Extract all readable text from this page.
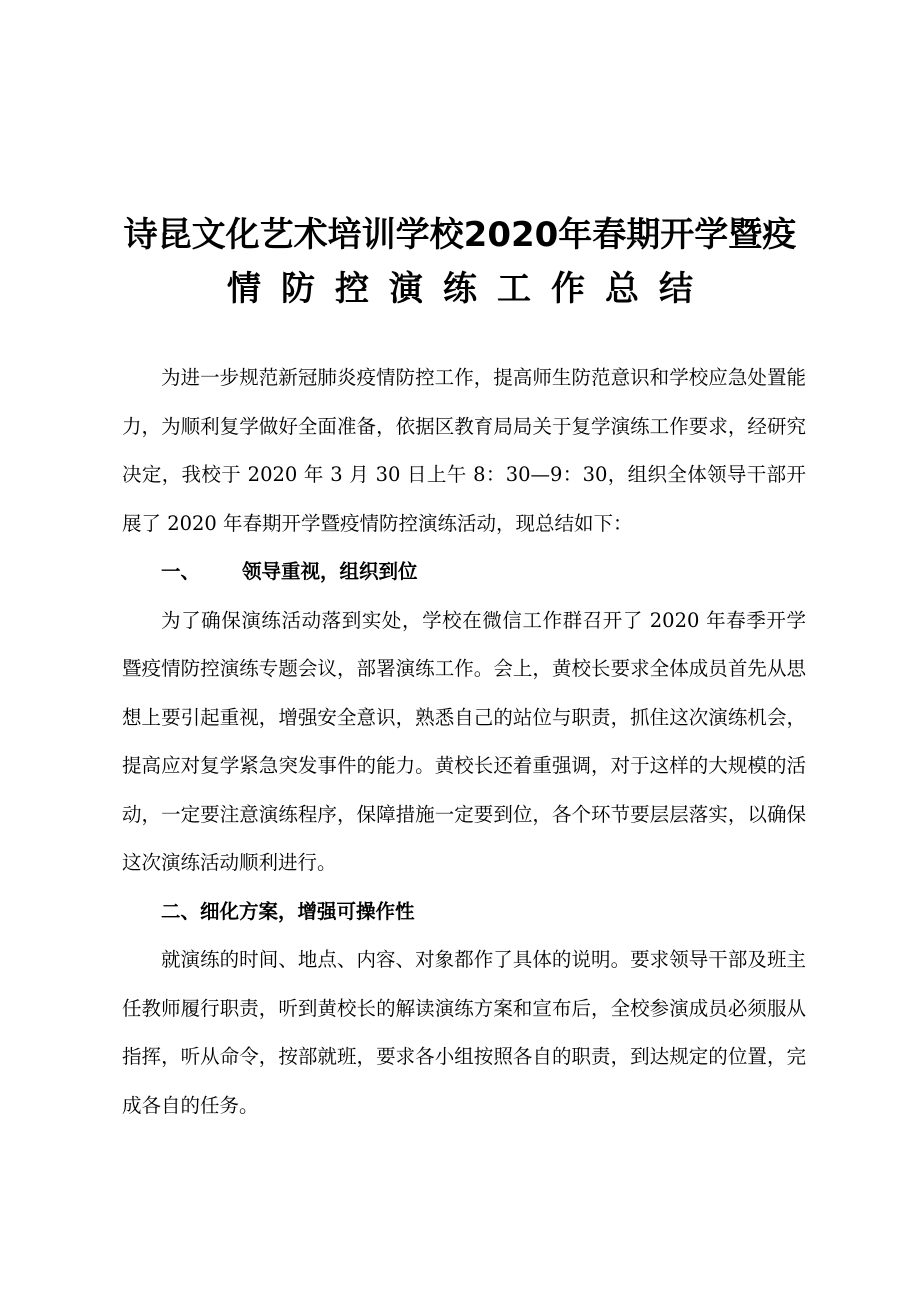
诗昆文化艺术培训学校2020年春期开学暨疫
情防控演练工作总结

为进一步规范新冠肺炎疫情防控工作，提高师生防范意识和学校应急处置能力，为顺利复学做好全面准备，依据区教育局局关于复学演练工作要求，经研究决定，我校于 2020 年 3 月 30 日上午 8：30—9：30，组织全体领导干部开展了 2020 年春期开学暨疫情防控演练活动，现总结如下：

一、 领导重视，组织到位

为了确保演练活动落到实处，学校在微信工作群召开了 2020 年春季开学暨疫情防控演练专题会议，部署演练工作。会上，黄校长要求全体成员首先从思想上要引起重视，增强安全意识，熟悉自己的站位与职责，抓住这次演练机会，提高应对复学紧急突发事件的能力。黄校长还着重强调，对于这样的大规模的活动，一定要注意演练程序，保障措施一定要到位，各个环节要层层落实，以确保这次演练活动顺利进行。

二、细化方案，增强可操作性

就演练的时间、地点、内容、对象都作了具体的说明。要求领导干部及班主任教师履行职责，听到黄校长的解读演练方案和宣布后，全校参演成员必须服从指挥，听从命令，按部就班，要求各小组按照各自的职责，到达规定的位置，完成各自的任务。
